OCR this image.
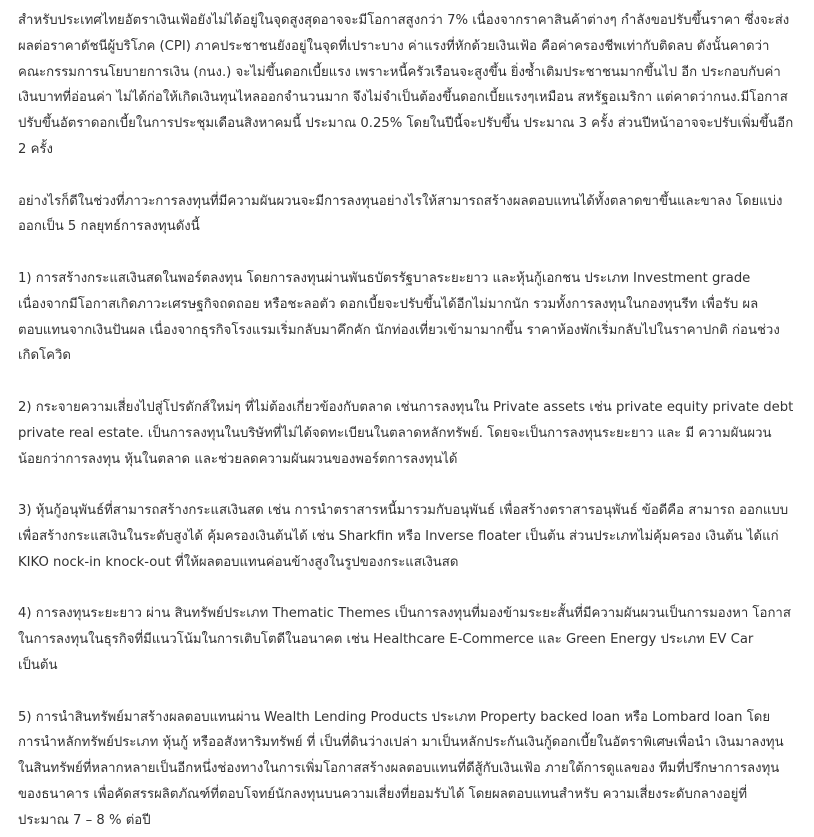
สำหรับประเทศไทยอัตราเงินเฟ้อยังไม่ได้อยู่ในจุดสูงสุดอาจจะมีโอกาสสูงกว่า 7% เนื่องจากราคาสินค้าต่างๆ กำลังขอปรับขึ้นราคา ซึ่งจะส่งผลต่อราคาดัชนีผู้บริโภค (CPI) ภาคประชาชนยังอยู่ในจุดที่เปราะบาง ค่าแรงที่หักด้วยเงินเฟ้อ คือค่าครองชีพเท่ากับติดลบ ดังนั้นคาดว่าคณะกรรมการนโยบายการเงิน (กนง.) จะไม่ขึ้นดอกเบี้ยแรง เพราะหนี้ครัวเรือนจะสูงขึ้น ยิ่งซ้ำเติมประชาชนมากขึ้นไป อีก ประกอบกับค่าเงินบาทที่อ่อนค่า ไม่ได้ก่อให้เกิดเงินทุนไหลออกจำนวนมาก จึงไม่จำเป็นต้องขึ้นดอกเบี้ยแรงๆเหมือน สหรัฐอเมริกา แต่คาดว่ากนง.มีโอกาสปรับขึ้นอัตราดอกเบี้ยในการประชุมเดือนสิงหาคมนี้ ประมาณ 0.25% โดยในปีนี้จะปรับขึ้น ประมาณ 3 ครั้ง ส่วนปีหน้าอาจจะปรับเพิ่มขึ้นอีก 2 ครั้ง

อย่างไรก็ดีในช่วงที่ภาวะการลงทุนที่มีความผันผวนจะมีการลงทุนอย่างไรให้สามารถสร้างผลตอบแทนได้ทั้งตลาดขาขึ้นและขาลง โดยแบ่งออกเป็น 5 กลยุทธ์การลงทุนดังนี้

1) การสร้างกระแสเงินสดในพอร์ตลงทุน โดยการลงทุนผ่านพันธบัตรรัฐบาลระยะยาว และหุ้นกู้เอกชน ประเภท Investment grade เนื่องจากมีโอกาสเกิดภาวะเศรษฐกิจถดถอย หรือชะลอตัว ดอกเบี้ยจะปรับขึ้นได้อีกไม่มากนัก รวมทั้งการลงทุนในกองทุนรีท เพื่อรับ ผลตอบแทนจากเงินปันผล เนื่องจากธุรกิจโรงแรมเริ่มกลับมาคึกคัก นักท่องเที่ยวเข้ามามากขึ้น ราคาห้องพักเริ่มกลับไปในราคาปกติ ก่อนช่วงเกิดโควิด

2) กระจายความเสี่ยงไปสู่โปรดักส์ใหม่ๆ ที่ไม่ต้องเกี่ยวข้องกับตลาด เช่นการลงทุนใน Private assets เช่น private equity private debt private real estate. เป็นการลงทุนในบริษัทที่ไม่ได้จดทะเบียนในตลาดหลักทรัพย์. โดยจะเป็นการลงทุนระยะยาว และ มี ความผันผวนน้อยกว่าการลงทุน หุ้นในตลาด และช่วยลดความผันผวนของพอร์ตการลงทุนได้

3) หุ้นกู้อนุพันธ์ที่สามารถสร้างกระแสเงินสด เช่น การนำตราสารหนี้มารวมกับอนุพันธ์ เพื่อสร้างตราสารอนุพันธ์ ข้อดีคือ สามารถ ออกแบบเพื่อสร้างกระแสเงินในระดับสูงได้ คุ้มครองเงินต้นได้ เช่น Sharkfin หรือ Inverse floater เป็นต้น ส่วนประเภทไม่คุ้มครอง เงินต้น ได้แก่ KIKO nock-in knock-out ที่ให้ผลตอบแทนค่อนข้างสูงในรูปของกระแสเงินสด

4) การลงทุนระยะยาว ผ่าน สินทรัพย์ประเภท Thematic Themes เป็นการลงทุนที่มองข้ามระยะสั้นที่มีความผันผวนเป็นการมองหา โอกาสในการลงทุนในธุรกิจที่มีแนวโน้มในการเติบโตดีในอนาคต เช่น Healthcare E-Commerce และ Green Energy ประเภท EV Car เป็นต้น

5) การนำสินทรัพย์มาสร้างผลตอบแทนผ่าน Wealth Lending Products ประเภท Property backed loan หรือ Lombard loan โดยการนำหลักทรัพย์ประเภท หุ้นกู้ หรืออสังหาริมทรัพย์ ที่ เป็นที่ดินว่างเปล่า มาเป็นหลักประกันเงินกู้ดอกเบี้ยในอัตราพิเศษเพื่อนำ เงินมาลงทุนในสินทรัพย์ที่หลากหลายเป็นอีกหนึ่งช่องทางในการเพิ่มโอกาสสร้างผลตอบแทนที่ดีสู้กับเงินเฟ้อ ภายใต้การดูแลของ ทีมที่ปรึกษาการลงทุนของธนาคาร เพื่อคัดสรรผลิตภัณฑ์ที่ตอบโจทย์นักลงทุนบนความเสี่ยงที่ยอมรับได้ โดยผลตอบแทนสำหรับ ความเสี่ยงระดับกลางอยู่ที่ประมาณ 7 – 8 % ต่อปี
